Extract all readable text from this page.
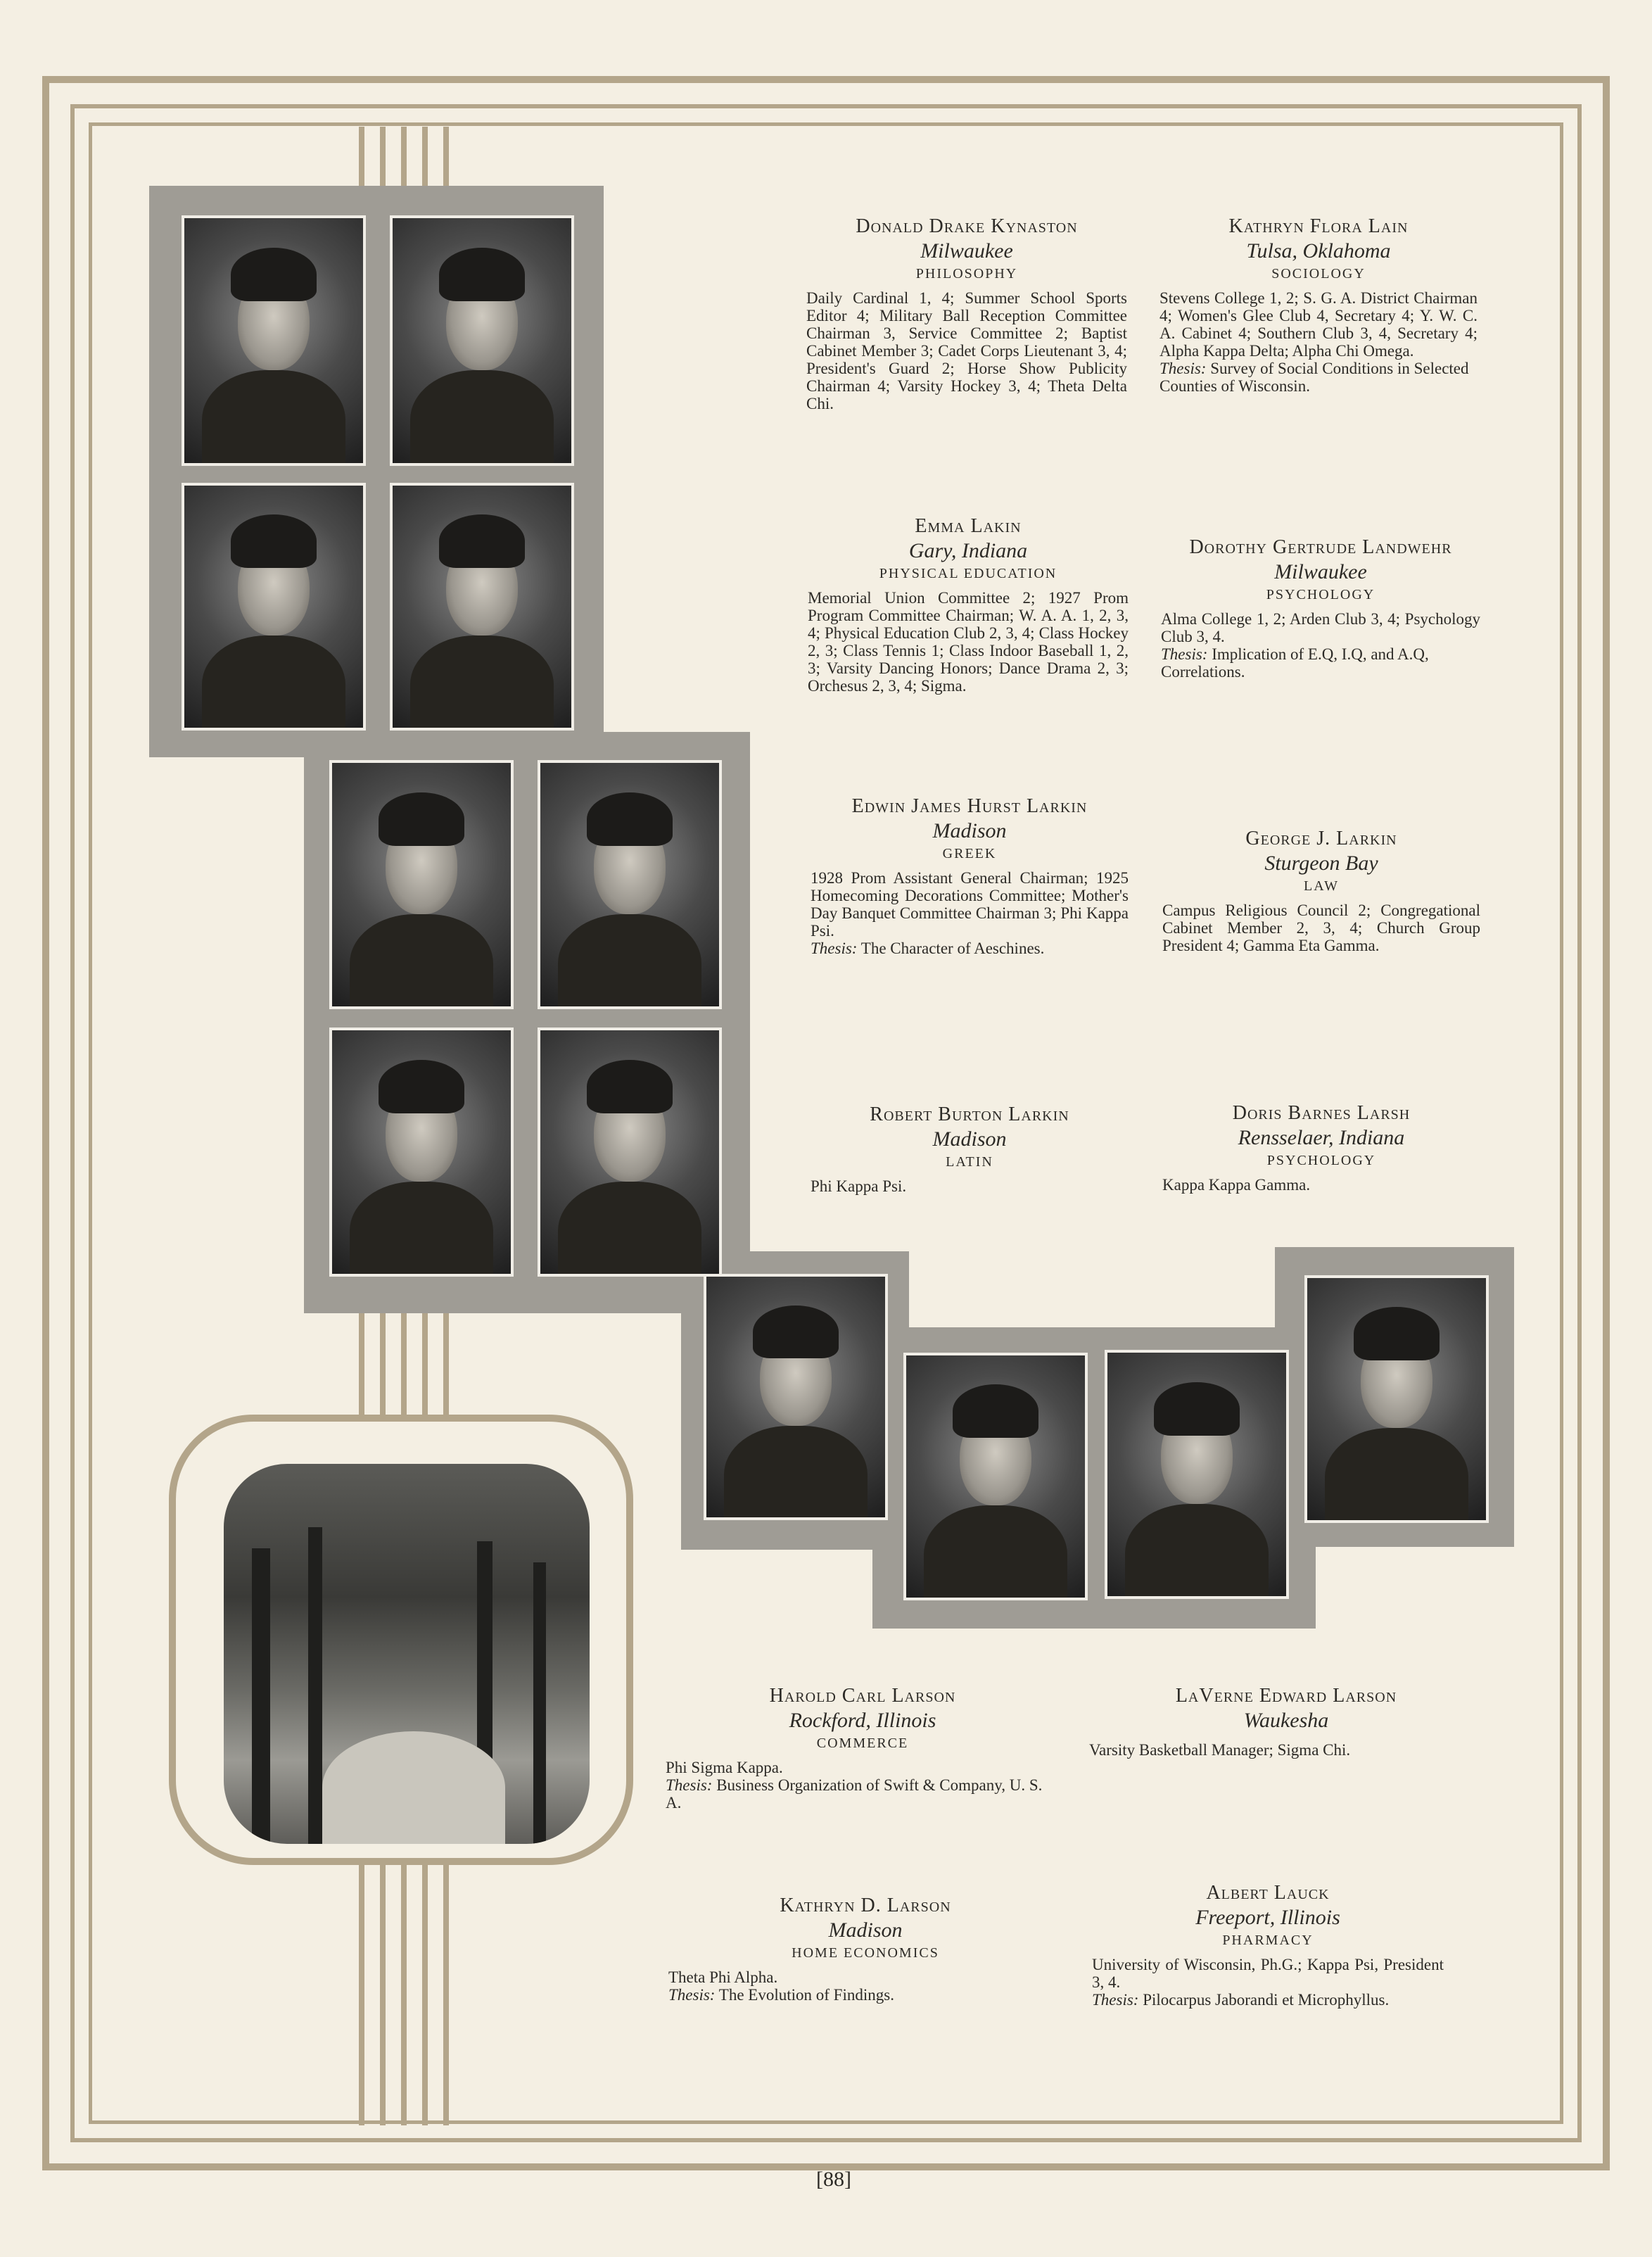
Donald Drake Kynaston
Milwaukee
PHILOSOPHY
Daily Cardinal 1, 4; Summer School Sports Editor 4; Military Ball Reception Committee Chairman 3, Service Committee 2; Baptist Cabinet Member 3; Cadet Corps Lieutenant 3, 4; President's Guard 2; Horse Show Publicity Chairman 4; Varsity Hockey 3, 4; Theta Delta Chi.
Kathryn Flora Lain
Tulsa, Oklahoma
SOCIOLOGY
Stevens College 1, 2; S. G. A. District Chairman 4; Women's Glee Club 4, Secretary 4; Y. W. C. A. Cabinet 4; Southern Club 3, 4, Secretary 4; Alpha Kappa Delta; Alpha Chi Omega.
Thesis: Survey of Social Conditions in Selected Counties of Wisconsin.
Emma Lakin
Gary, Indiana
PHYSICAL EDUCATION
Memorial Union Committee 2; 1927 Prom Program Committee Chairman; W. A. A. 1, 2, 3, 4; Physical Education Club 2, 3, 4; Class Hockey 2, 3; Class Tennis 1; Class Indoor Baseball 1, 2, 3; Varsity Dancing Honors; Dance Drama 2, 3; Orchesus 2, 3, 4; Sigma.
Dorothy Gertrude Landwehr
Milwaukee
PSYCHOLOGY
Alma College 1, 2; Arden Club 3, 4; Psychology Club 3, 4.
Thesis: Implication of E.Q, I.Q, and A.Q, Correlations.
Edwin James Hurst Larkin
Madison
GREEK
1928 Prom Assistant General Chairman; 1925 Homecoming Decorations Committee; Mother's Day Banquet Committee Chairman 3; Phi Kappa Psi.
Thesis: The Character of Aeschines.
George J. Larkin
Sturgeon Bay
LAW
Campus Religious Council 2; Congregational Cabinet Member 2, 3, 4; Church Group President 4; Gamma Eta Gamma.
Robert Burton Larkin
Madison
LATIN
Phi Kappa Psi.
Doris Barnes Larsh
Rensselaer, Indiana
PSYCHOLOGY
Kappa Kappa Gamma.
Harold Carl Larson
Rockford, Illinois
COMMERCE
Phi Sigma Kappa.
Thesis: Business Organization of Swift & Company, U. S. A.
LaVerne Edward Larson
Waukesha
Varsity Basketball Manager; Sigma Chi.
Kathryn D. Larson
Madison
HOME ECONOMICS
Theta Phi Alpha.
Thesis: The Evolution of Findings.
Albert Lauck
Freeport, Illinois
PHARMACY
University of Wisconsin, Ph.G.; Kappa Psi, President 3, 4.
Thesis: Pilocarpus Jaborandi et Microphyllus.
[88]
